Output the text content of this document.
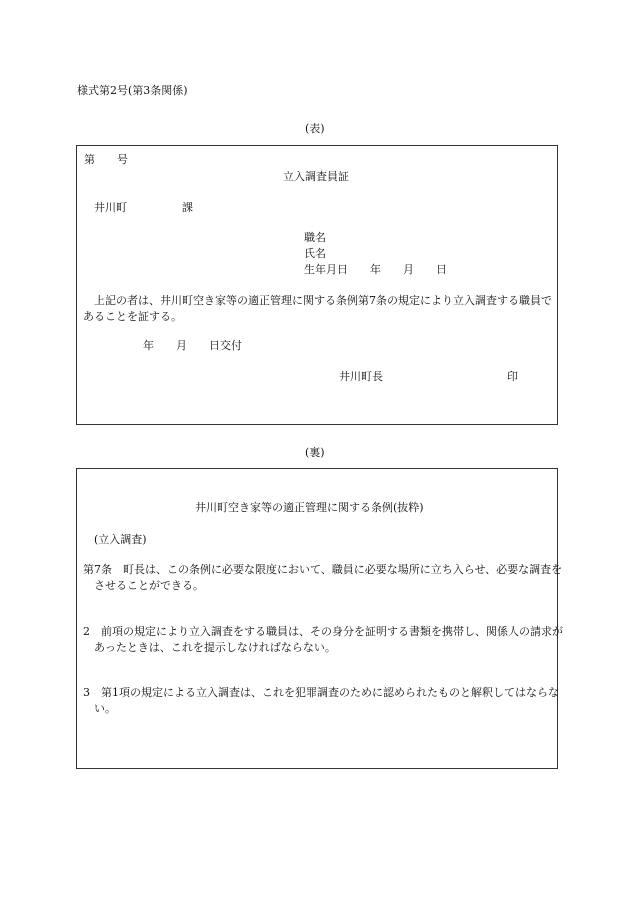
様式第2号(第3条関係)
(表)
第　　号
立入調査員証
井川町　　　　　課
職名
氏名
生年月日　　年　　月　　日
上記の者は、井川町空き家等の適正管理に関する条例第7条の規定により立入調査する職員であることを証する。
年　　月　　日交付
井川町長	印
(裏)
井川町空き家等の適正管理に関する条例(抜粋)
(立入調査)
第7条　町長は、この条例に必要な限度において、職員に必要な場所に立ち入らせ、必要な調査をさせることができる。
2　前項の規定により立入調査をする職員は、その身分を証明する書類を携帯し、関係人の請求があったときは、これを提示しなければならない。
3　第1項の規定による立入調査は、これを犯罪調査のために認められたものと解釈してはならない。
